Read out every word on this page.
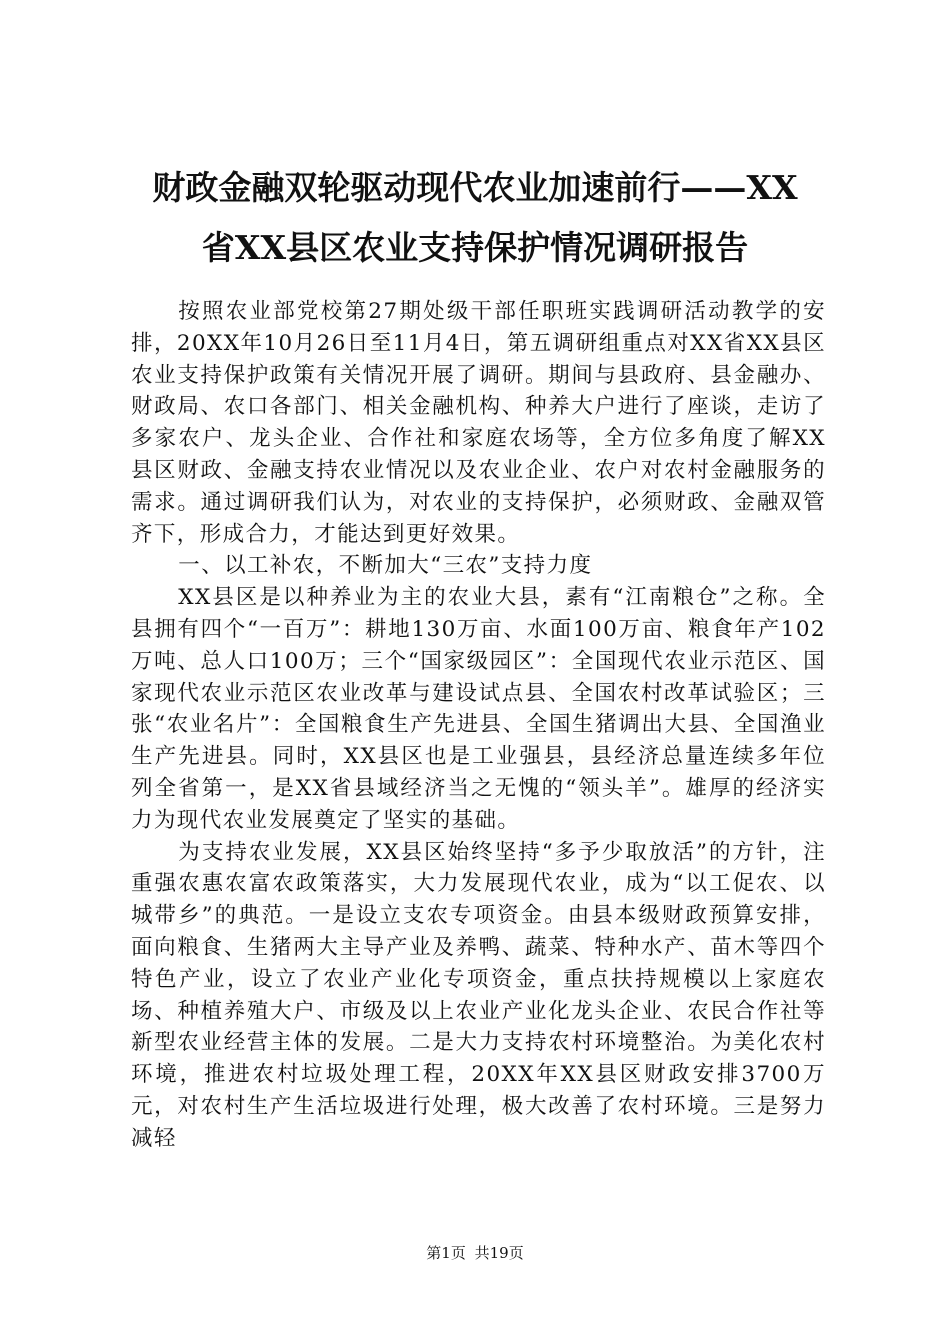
财政金融双轮驱动现代农业加速前行——XX
省XX县区农业支持保护情况调研报告

按照农业部党校第27期处级干部任职班实践调研活动教学的安排，20XX年10月26日至11月4日，第五调研组重点对XX省XX县区农业支持保护政策有关情况开展了调研。期间与县政府、县金融办、财政局、农口各部门、相关金融机构、种养大户进行了座谈，走访了多家农户、龙头企业、合作社和家庭农场等，全方位多角度了解XX县区财政、金融支持农业情况以及农业企业、农户对农村金融服务的需求。通过调研我们认为，对农业的支持保护，必须财政、金融双管齐下，形成合力，才能达到更好效果。

一、以工补农，不断加大“三农”支持力度

XX县区是以种养业为主的农业大县，素有“江南粮仓”之称。全县拥有四个“一百万”：耕地130万亩、水面100万亩、粮食年产102万吨、总人口100万；三个“国家级园区”：全国现代农业示范区、国家现代农业示范区农业改革与建设试点县、全国农村改革试验区；三张“农业名片”：全国粮食生产先进县、全国生猪调出大县、全国渔业生产先进县。同时，XX县区也是工业强县，县经济总量连续多年位列全省第一，是XX省县域经济当之无愧的“领头羊”。雄厚的经济实力为现代农业发展奠定了坚实的基础。

为支持农业发展，XX县区始终坚持“多予少取放活”的方针，注重强农惠农富农政策落实，大力发展现代农业，成为“以工促农、以城带乡”的典范。一是设立支农专项资金。由县本级财政预算安排，面向粮食、生猪两大主导产业及养鸭、蔬菜、特种水产、苗木等四个特色产业，设立了农业产业化专项资金，重点扶持规模以上家庭农场、种植养殖大户、市级及以上农业产业化龙头企业、农民合作社等新型农业经营主体的发展。二是大力支持农村环境整治。为美化农村环境，推进农村垃圾处理工程，20XX年XX县区财政安排3700万元，对农村生产生活垃圾进行处理，极大改善了农村环境。三是努力减轻

第1页 共19页
